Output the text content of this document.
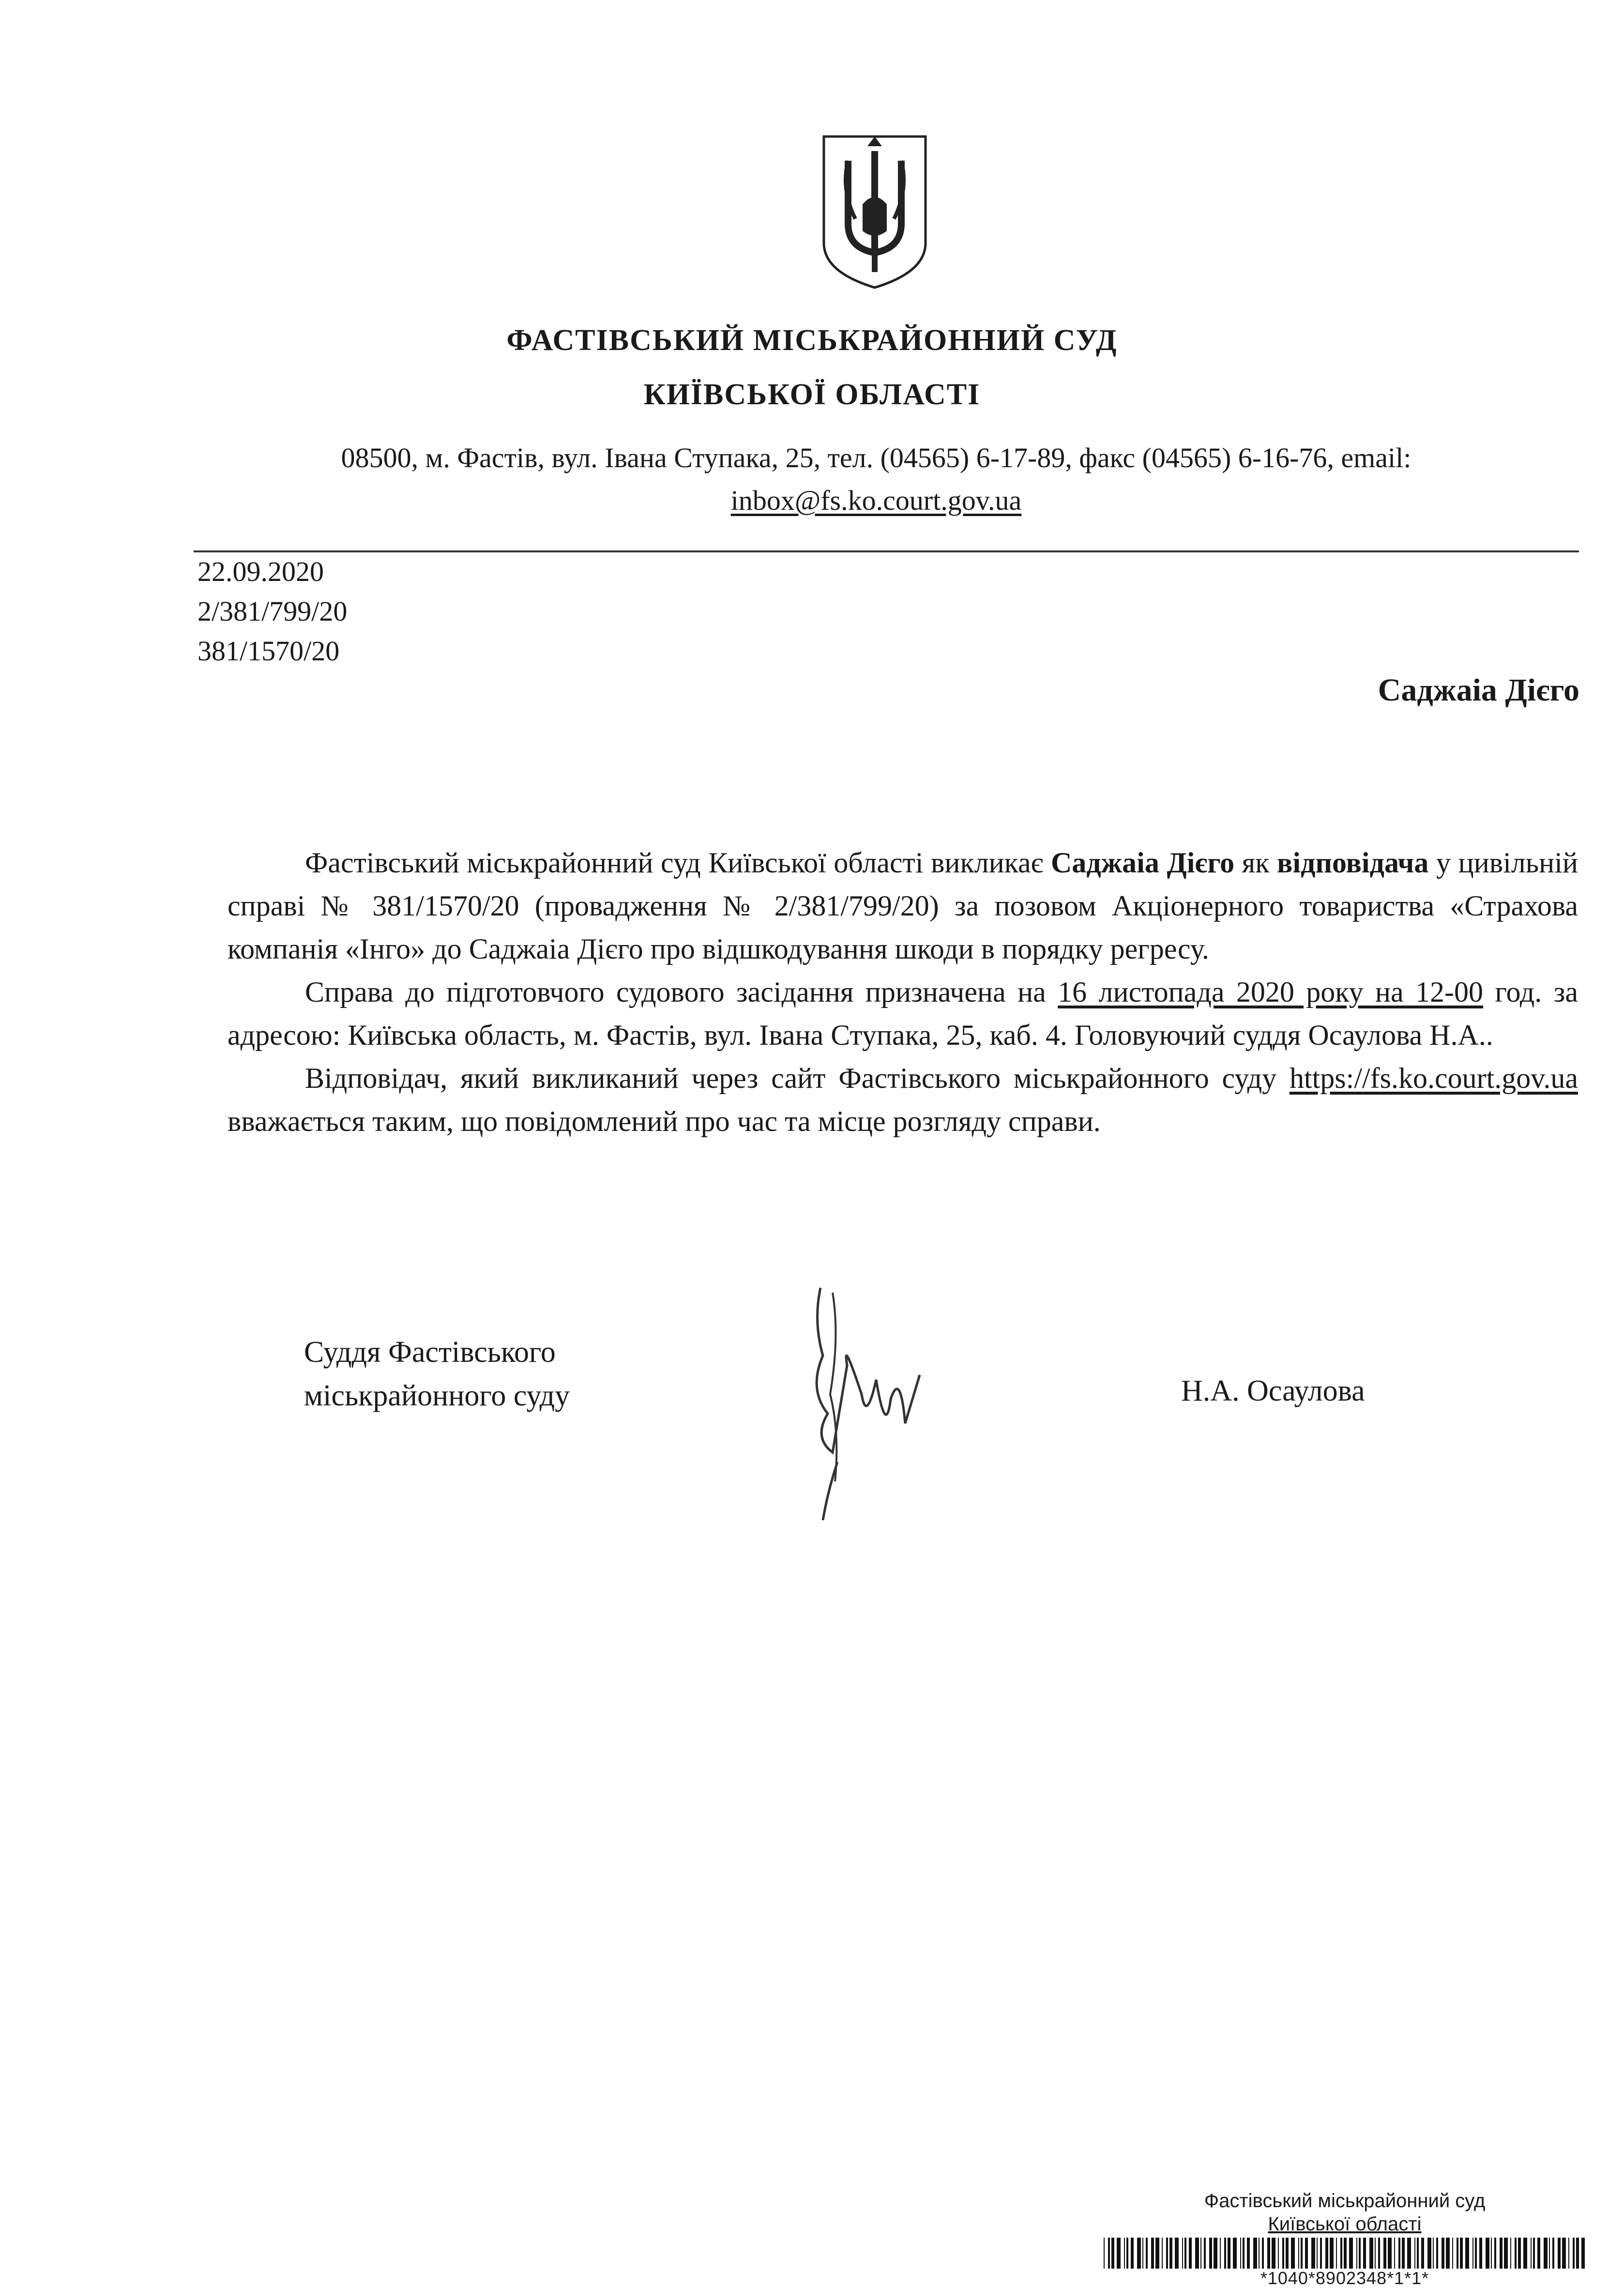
ФАСТІВСЬКИЙ МІСЬКРАЙОННИЙ СУД
КИЇВСЬКОЇ ОБЛАСТІ
08500, м. Фастів, вул. Івана Ступака, 25, тел. (04565) 6-17-89, факс (04565) 6-16-76, email:
inbox@fs.ko.court.gov.ua
22.09.2020
2/381/799/20
381/1570/20
Саджаіа Дієго

Фастівський міськрайонний суд Київської області викликає Саджаіа Дієго як відповідача у цивільній справі № 381/1570/20 (провадження № 2/381/799/20) за позовом Акціонерного товариства «Страхова компанія «Інго» до Саджаіа Дієго про відшкодування шкоди в порядку регресу.

Справа до підготовчого судового засідання призначена на 16 листопада 2020 року на 12-00 год. за адресою: Київська область, м. Фастів, вул. Івана Ступака, 25, каб. 4. Головуючий суддя Осаулова Н.А..

Відповідач, який викликаний через сайт Фастівського міськрайонного суду https://fs.ko.court.gov.ua вважається таким, що повідомлений про час та місце розгляду справи.

Суддя Фастівського
міськрайонного суду	Н.А. Осаулова
Фастівський міськрайонний суд
Київської області
*1040*8902348*1*1*
